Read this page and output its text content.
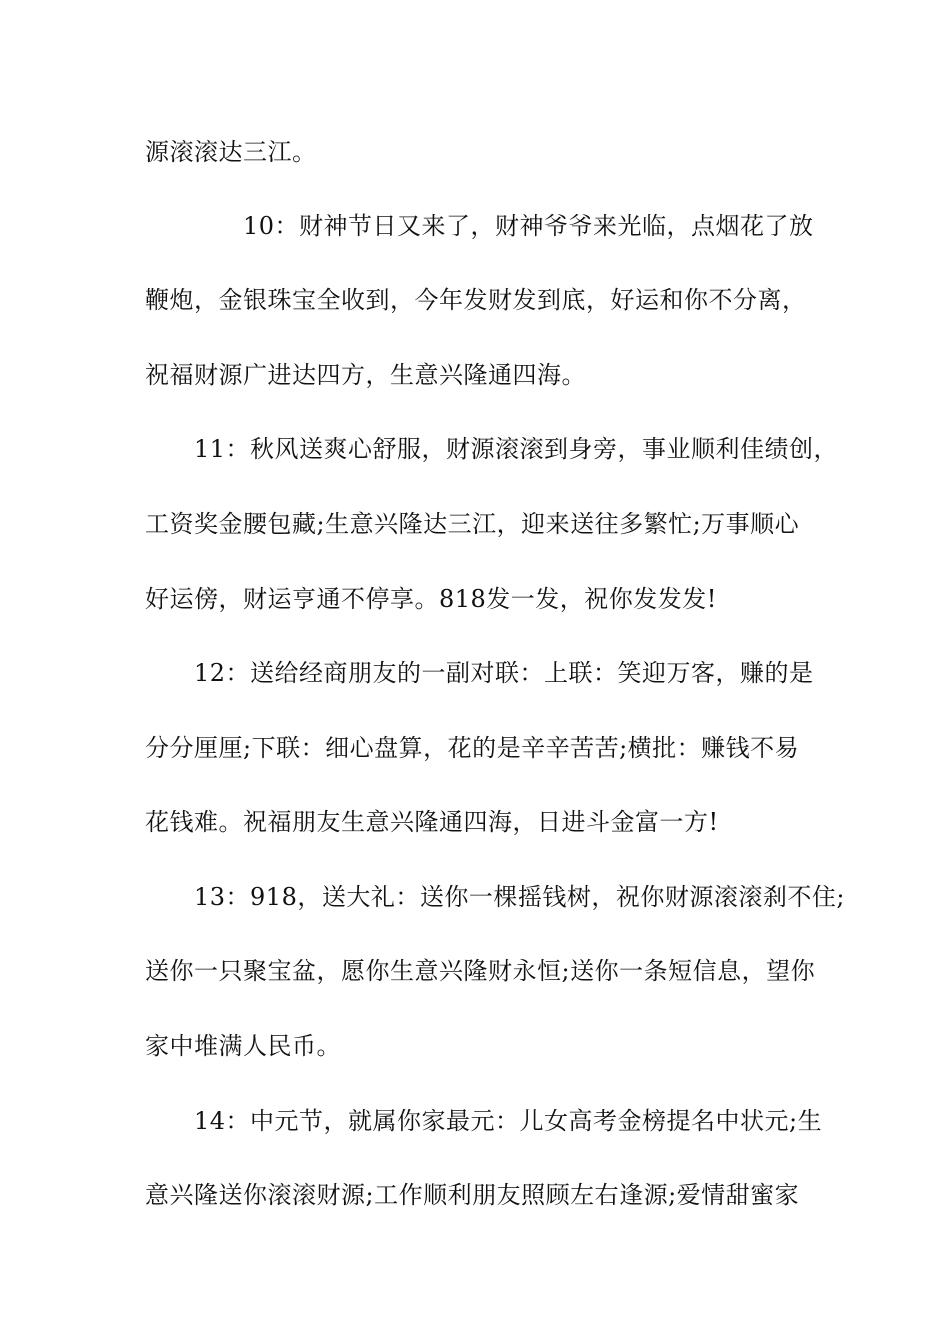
源滚滚达三江。
10：财神节日又来了，财神爷爷来光临，点烟花了放
鞭炮，金银珠宝全收到，今年发财发到底，好运和你不分离，
祝福财源广进达四方，生意兴隆通四海。
11：秋风送爽心舒服，财源滚滚到身旁，事业顺利佳绩创，
工资奖金腰包藏;生意兴隆达三江，迎来送往多繁忙;万事顺心
好运傍，财运亨通不停享。818发一发，祝你发发发!
12：送给经商朋友的一副对联：上联：笑迎万客，赚的是
分分厘厘;下联：细心盘算，花的是辛辛苦苦;横批：赚钱不易
花钱难。祝福朋友生意兴隆通四海，日进斗金富一方!
13：918，送大礼：送你一棵摇钱树，祝你财源滚滚刹不住;
送你一只聚宝盆，愿你生意兴隆财永恒;送你一条短信息，望你
家中堆满人民币。
14：中元节，就属你家最元：儿女高考金榜提名中状元;生
意兴隆送你滚滚财源;工作顺利朋友照顾左右逢源;爱情甜蜜家
